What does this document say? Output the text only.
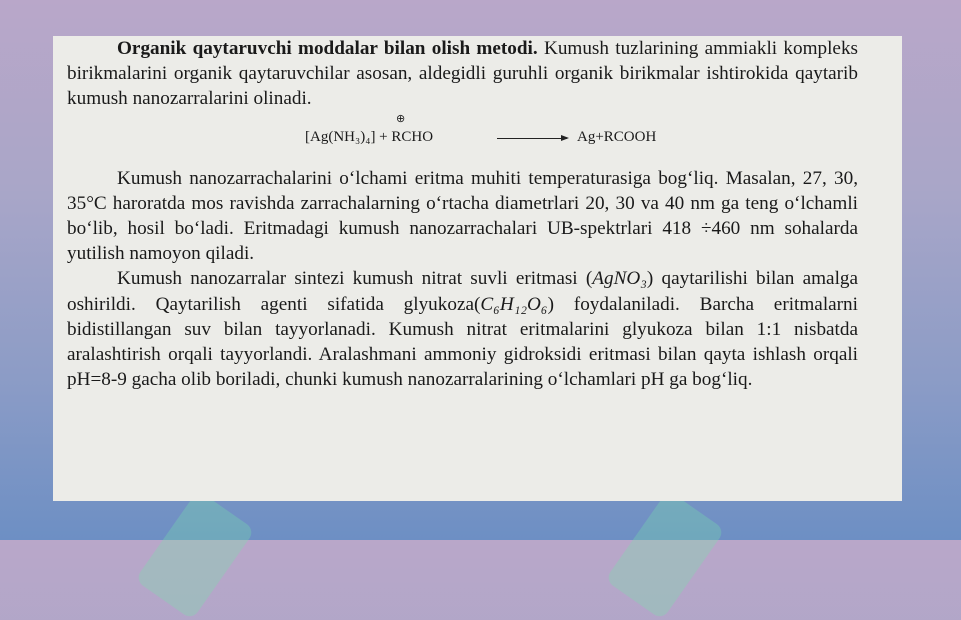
Organik qaytaruvchi moddalar bilan olish metodi. Kumush tuzlarining ammiakli kompleks birikmalarini organik qaytaruvchilar asosan, aldegidli guruhli organik birikmalar ishtirokida qaytarib kumush nanozarralarini olinadi.

⊕
[Ag(NH₃)₄] + RCHO	Ag+RCOOH

Kumush nanozarrachalarini o‘lchami eritma muhiti temperaturasiga bog‘liq. Masalan, 27, 30, 35°C haroratda mos ravishda zarrachalarning o‘rtacha diametrlari 20, 30 va 40 nm ga teng o‘lchamli bo‘lib, hosil bo‘ladi. Eritmadagi kumush nanozarrachalari UB-spektrlari 418 ÷460 nm sohalarda yutilish namoyon qiladi.

Kumush nanozarralar sintezi kumush nitrat suvli eritmasi (AgNO₃) qaytarilishi bilan amalga oshirildi. Qaytarilish agenti sifatida glyukoza(C₆H₁₂O₆) foydalaniladi. Barcha eritmalarni bidistillangan suv bilan tayyorlanadi. Kumush nitrat eritmalarini glyukoza bilan 1:1 nisbatda aralashtirish orqali tayyorlandi. Aralashmani ammoniy gidroksidi eritmasi bilan qayta ishlash orqali pH=8-9 gacha olib boriladi, chunki kumush nanozarralarining o‘lchamlari pH ga bog‘liq.
